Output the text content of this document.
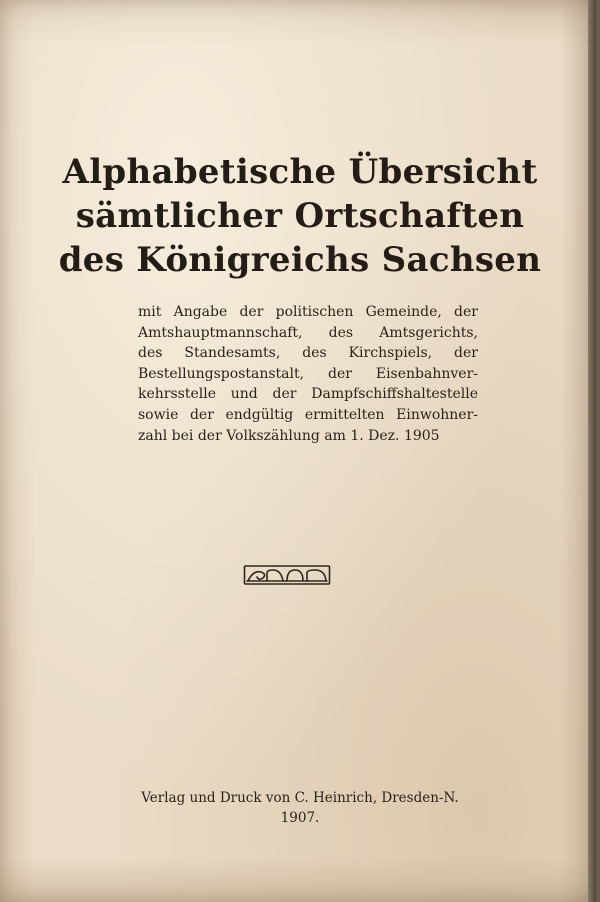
Alphabetische Übersicht
sämtlicher Ortschaften
des Königreichs Sachsen
mit Angabe der politischen Gemeinde, der
Amtshauptmannschaft, des Amtsgerichts,
des Standesamts, des Kirchspiels, der
Bestellungspostanstalt, der Eisenbahnver-
kehrsstelle und der Dampfschiffshaltestelle
sowie der endgültig ermittelten Einwohner-
zahl bei der Volkszählung am 1. Dez. 1905
Verlag und Druck von C. Heinrich, Dresden-N.
1907.
